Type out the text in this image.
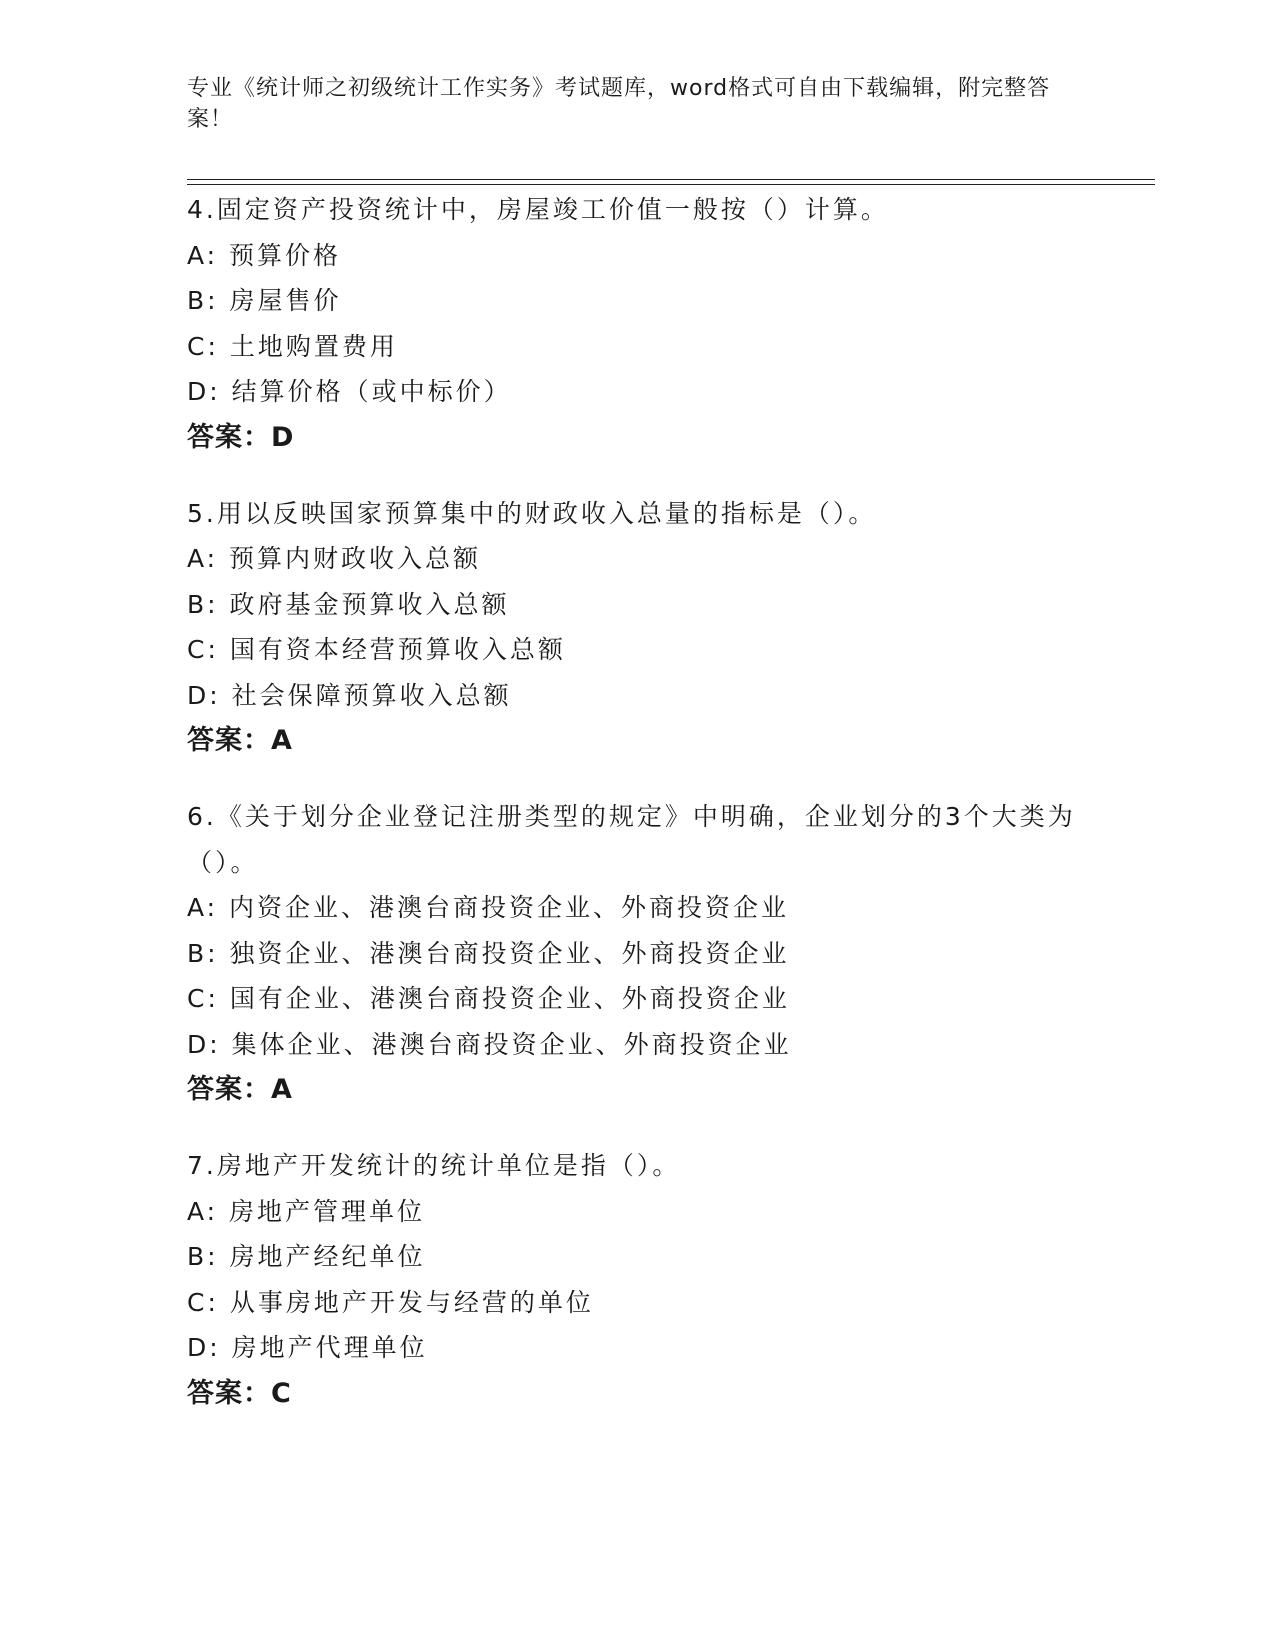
专业《统计师之初级统计工作实务》考试题库，word格式可自由下载编辑，附完整答案！
4.固定资产投资统计中，房屋竣工价值一般按（）计算。
A: 预算价格
B: 房屋售价
C: 土地购置费用
D: 结算价格（或中标价）
答案：D
5.用以反映国家预算集中的财政收入总量的指标是（）。
A: 预算内财政收入总额
B: 政府基金预算收入总额
C: 国有资本经营预算收入总额
D: 社会保障预算收入总额
答案：A
6.《关于划分企业登记注册类型的规定》中明确，企业划分的3个大类为（）。
A: 内资企业、港澳台商投资企业、外商投资企业
B: 独资企业、港澳台商投资企业、外商投资企业
C: 国有企业、港澳台商投资企业、外商投资企业
D: 集体企业、港澳台商投资企业、外商投资企业
答案：A
7.房地产开发统计的统计单位是指（）。
A: 房地产管理单位
B: 房地产经纪单位
C: 从事房地产开发与经营的单位
D: 房地产代理单位
答案：C
